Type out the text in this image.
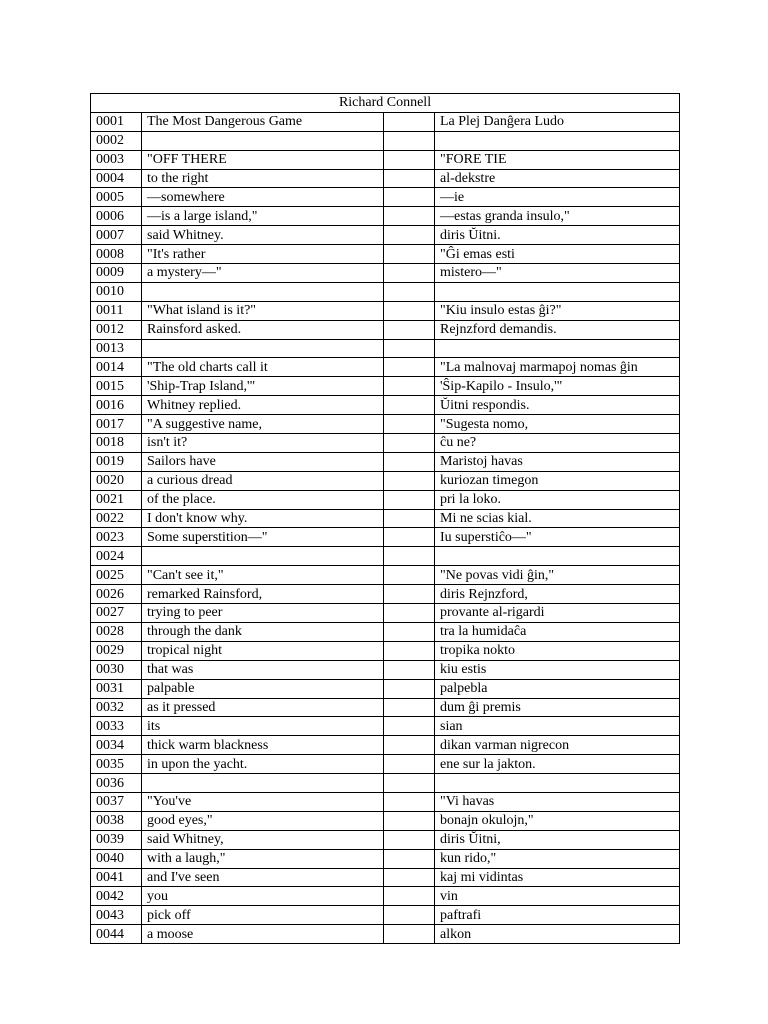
Richard Connell			
0001	The Most Dangerous Game		La Plej Danĝera Ludo
0002			
0003	"OFF THERE		"FORE TIE
0004	to the right		al-dekstre
0005	—somewhere		—ie
0006	—is a large island,"		—estas granda insulo,"
0007	said Whitney.		diris Ŭitni.
0008	"It's rather		"Ĝi emas esti
0009	a mystery—"		mistero—"
0010			
0011	"What island is it?"		"Kiu insulo estas ĝi?"
0012	Rainsford asked.		Rejnzford demandis.
0013			
0014	"The old charts call it		"La malnovaj marmapoj nomas ĝin
0015	'Ship-Trap Island,'"		'Ŝip-Kapilo - Insulo,'"
0016	Whitney replied.		Ŭitni respondis.
0017	"A suggestive name,		"Sugesta nomo,
0018	isn't it?		ĉu ne?
0019	Sailors have		Maristoj havas
0020	a curious dread		kuriozan timegon
0021	of the place.		pri la loko.
0022	I don't know why.		Mi ne scias kial.
0023	Some superstition—"		Iu superstiĉo—"
0024			
0025	"Can't see it,"		"Ne povas vidi ĝin,"
0026	remarked Rainsford,		diris Rejnzford,
0027	trying to peer		provante al-rigardi
0028	through the dank		tra la humidaĉa
0029	tropical night		tropika nokto
0030	that was		kiu estis
0031	palpable		palpebla
0032	as it pressed		dum ĝi premis
0033	its		sian
0034	thick warm blackness		dikan varman nigrecon
0035	in upon the yacht.		ene sur la jakton.
0036			
0037	"You've		"Vi havas
0038	good eyes,"		bonajn okulojn,"
0039	said Whitney,		diris Ŭitni,
0040	with a laugh,"		kun rido,"
0041	and I've seen		kaj mi vidintas
0042	you		vin
0043	pick off		paftrafi
0044	a moose		alkon
